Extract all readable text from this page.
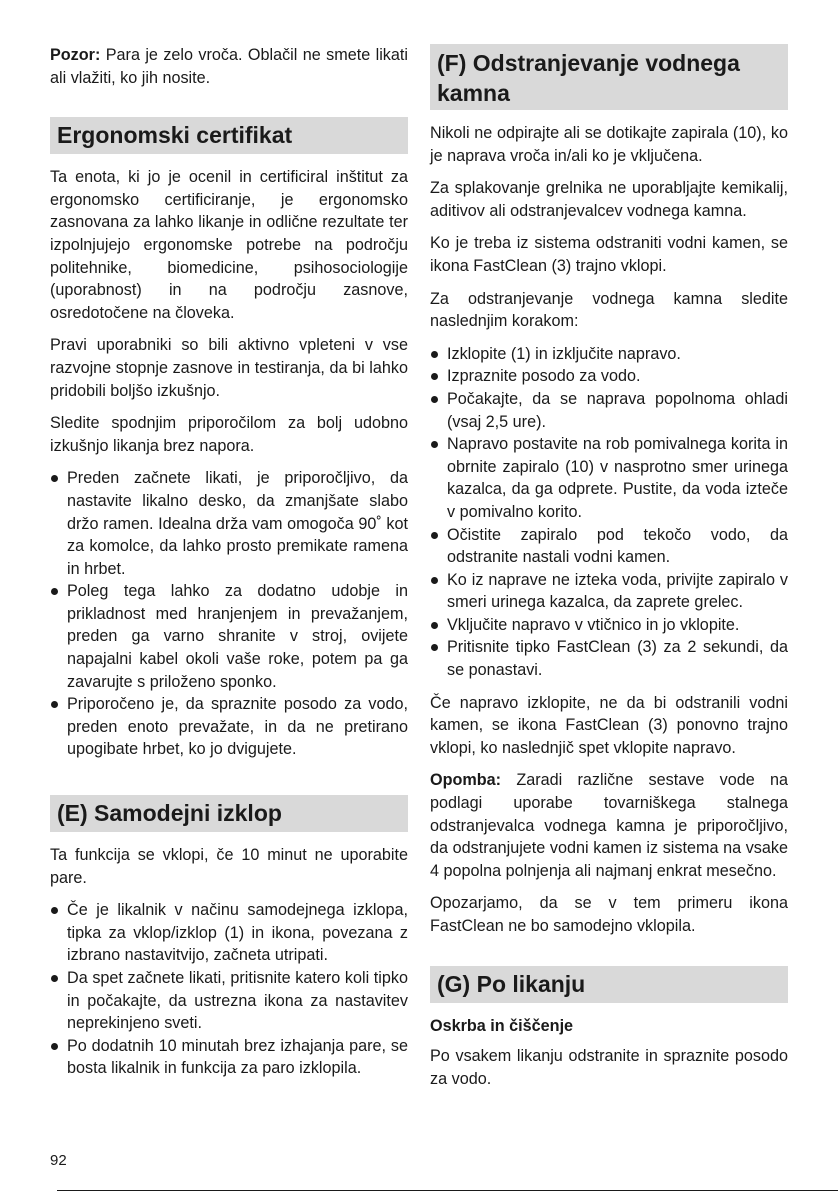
Pozor: Para je zelo vroča. Oblačil ne smete likati ali vlažiti, ko jih nosite.

Ergonomski certifikat

Ta enota, ki jo je ocenil in certificiral inštitut za ergonomsko certificiranje, je ergonomsko zasnovana za lahko likanje in odlične rezultate ter izpolnjujejo ergonomske potrebe na področju politehnike, biomedicine, psihosociologije (uporabnost) in na področju zasnove, osredotočene na človeka.

Pravi uporabniki so bili aktivno vpleteni v vse razvojne stopnje zasnove in testiranja, da bi lahko pridobili boljšo izkušnjo.

Sledite spodnjim priporočilom za bolj udobno izkušnjo likanja brez napora.

Preden začnete likati, je priporočljivo, da nastavite likalno desko, da zmanjšate slabo držo ramen. Idealna drža vam omogoča 90˚ kot za komolce, da lahko prosto premikate ramena in hrbet.
Poleg tega lahko za dodatno udobje in prikladnost med hranjenjem in prevažanjem, preden ga varno shranite v stroj, ovijete napajalni kabel okoli vaše roke, potem pa ga zavarujte s priloženo sponko.
Priporočeno je, da spraznite posodo za vodo, preden enoto prevažate, in da ne pretirano upogibate hrbet, ko jo dvigujete.
(E) Samodejni izklop

Ta funkcija se vklopi, če 10 minut ne uporabite pare.

Če je likalnik v načinu samodejnega izklopa, tipka za vklop/izklop (1) in ikona, povezana z izbrano nastavitvijo, začneta utripati.
Da spet začnete likati, pritisnite katero koli tipko in počakajte, da ustrezna ikona za nastavitev neprekinjeno sveti.
Po dodatnih 10 minutah brez izhajanja pare, se bosta likalnik in funkcija za paro izklopila.
(F) Odstranjevanje vodnega kamna

Nikoli ne odpirajte ali se dotikajte zapirala (10), ko je naprava vroča in/ali ko je vključena.

Za splakovanje grelnika ne uporabljajte kemikalij, aditivov ali odstranjevalcev vodnega kamna.

Ko je treba iz sistema odstraniti vodni kamen, se ikona FastClean (3) trajno vklopi.

Za odstranjevanje vodnega kamna sledite naslednjim korakom:

Izklopite (1) in izključite napravo.
Izpraznite posodo za vodo.
Počakajte, da se naprava popolnoma ohladi (vsaj 2,5 ure).
Napravo postavite na rob pomivalnega korita in obrnite zapiralo (10) v nasprotno smer urinega kazalca, da ga odprete. Pustite, da voda izteče v pomivalno korito.
Očistite zapiralo pod tekočo vodo, da odstranite nastali vodni kamen.
Ko iz naprave ne izteka voda, privijte zapiralo v smeri urinega kazalca, da zaprete grelec.
Vključite napravo v vtičnico in jo vklopite.
Pritisnite tipko FastClean (3) za 2 sekundi, da se ponastavi.

Če napravo izklopite, ne da bi odstranili vodni kamen, se ikona FastClean (3) ponovno trajno vklopi, ko naslednjič spet vklopite napravo.

Opomba: Zaradi različne sestave vode na podlagi uporabe tovarniškega stalnega odstranjevalca vodnega kamna je priporočljivo, da odstranjujete vodni kamen iz sistema na vsake 4 popolna polnjenja ali najmanj enkrat mesečno.

Opozarjamo, da se v tem primeru ikona FastClean ne bo samodejno vklopila.

(G) Po likanju
Oskrba in čiščenje

Po vsakem likanju odstranite in spraznite posodo za vodo.

92
